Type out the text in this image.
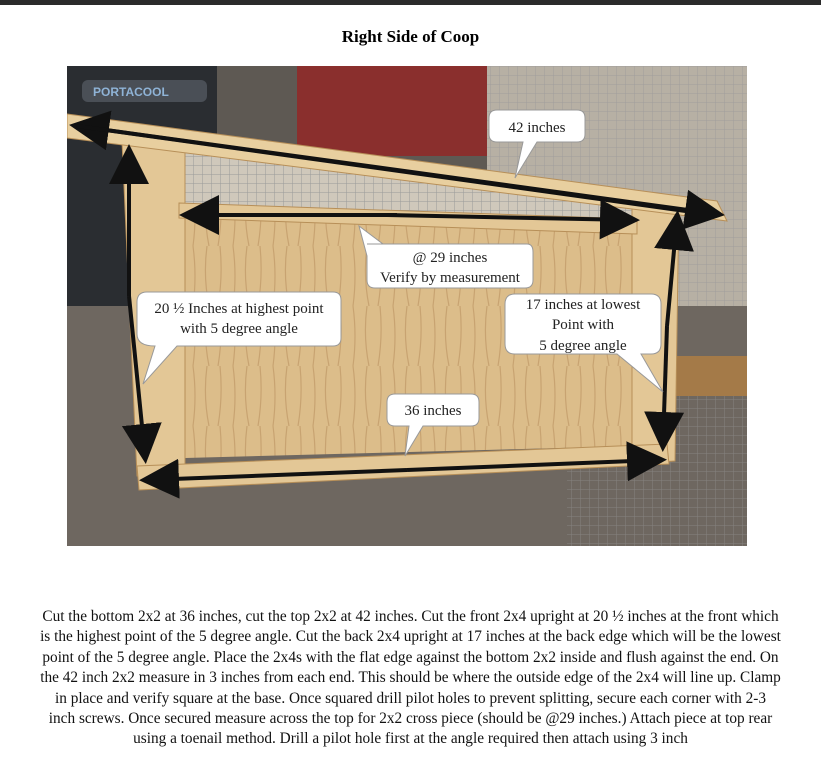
Right Side of Coop
PORTACOOL
42 inches
@ 29 inches
Verify by measurement
20 ½ Inches at highest point
with 5 degree angle
17 inches at lowest
Point with
5 degree angle
36 inches
Cut the bottom 2x2 at 36 inches, cut the top 2x2 at 42 inches. Cut the front 2x4 upright at 20 ½ inches at the front which is the highest point of the 5 degree angle. Cut the back 2x4 upright at 17 inches at the back edge which will be the lowest point of the 5 degree angle. Place the 2x4s with the flat edge against the bottom 2x2 inside and flush against the end. On the 42 inch 2x2 measure in 3 inches from each end. This should be where the outside edge of the 2x4 will line up. Clamp in place and verify square at the base. Once squared drill pilot holes to prevent splitting, secure each corner with 2-3 inch screws. Once secured measure across the top for 2x2 cross piece (should be @29 inches.) Attach piece at top rear using a toenail method. Drill a pilot hole first at the angle required then attach using 3 inch
